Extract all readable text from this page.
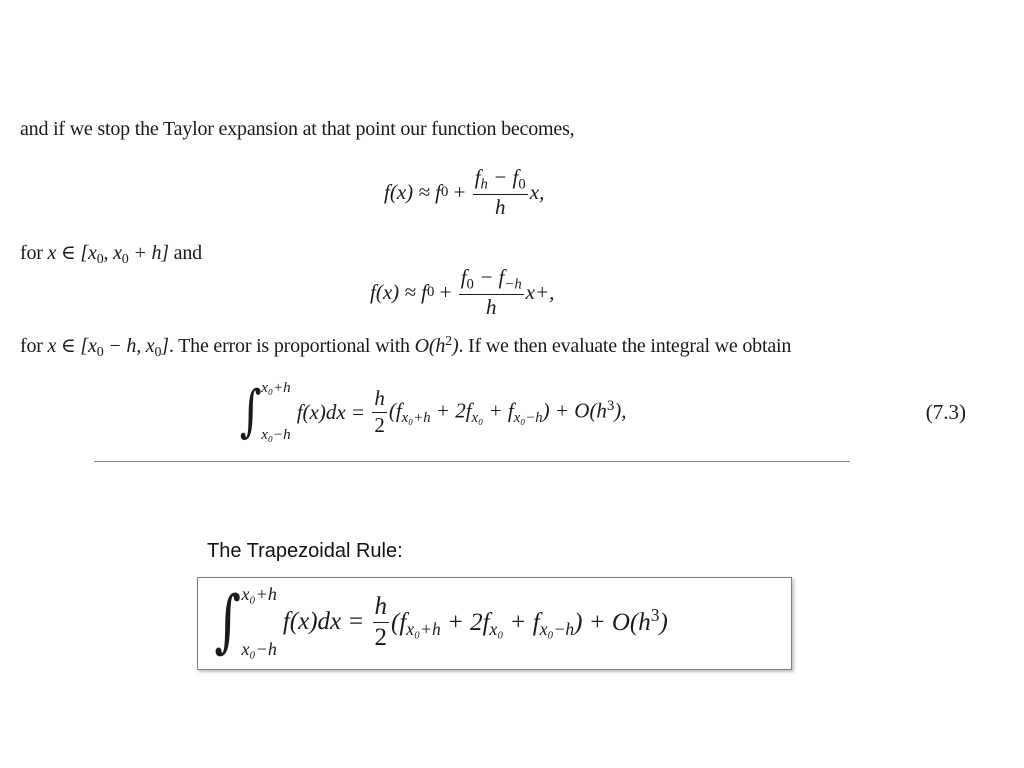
and if we stop the Taylor expansion at that point our function becomes,
f(x) ≈ f $0 + \frac{f_h - f_0}{h} x$,
for x ∈ [$x_0$, $x_0 + h$] and
f(x) ≈ f $0 + \frac{f_0 - f_{-h}}{h} x+$,
for x ∈ [$x_0 - h$, $x_0$]. The error is proportional with $O(h^2)$. If we then evaluate the integral we obtain
∫ x₀+h
x₀−h
$f(x)dx = \frac{h}{2} (f_{x_0+h} + 2f_{x_0} + f_{x_0-h}) + O(h^3)$,	(7.3)
The Trapezoidal Rule:
∫ x₀+h
x₀−h
$f(x)dx = \frac{h}{2} (f_{x_0+h} + 2f_{x_0} + f_{x_0-h}) + O(h^3)$
